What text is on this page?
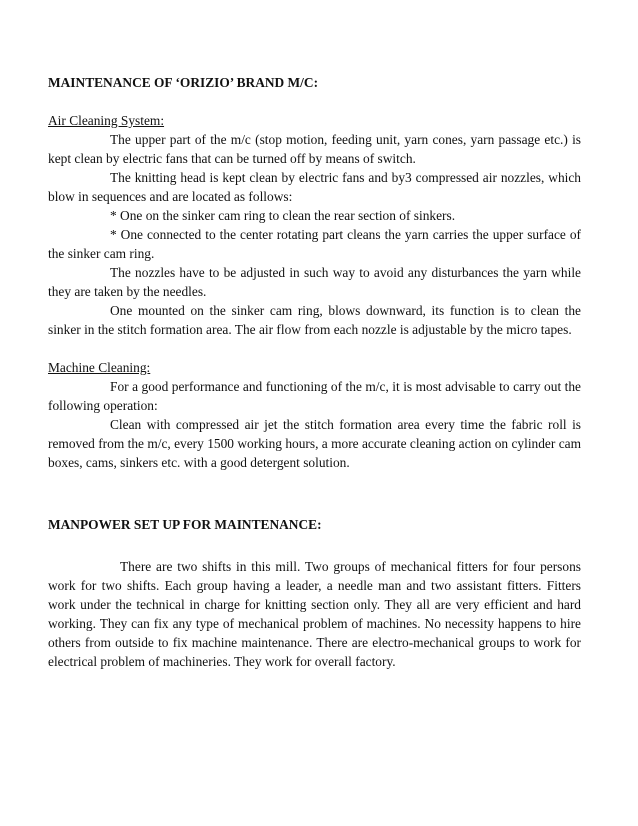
MAINTENANCE OF ‘ORIZIO’ BRAND M/C:
Air Cleaning System:

The upper part of the m/c (stop motion, feeding unit, yarn cones, yarn passage etc.) is kept clean by electric fans that can be turned off by means of switch.

The knitting head is kept clean by electric fans and by3 compressed air nozzles, which blow in sequences and are located as follows:

* One on the sinker cam ring to clean the rear section of sinkers.

* One connected to the center rotating part cleans the yarn carries the upper surface of the sinker cam ring.

The nozzles have to be adjusted in such way to avoid any disturbances the yarn while they are taken by the needles.

One mounted on the sinker cam ring, blows downward, its function is to clean the sinker in the stitch formation area. The air flow from each nozzle is adjustable by the micro tapes.

Machine Cleaning:

For a good performance and functioning of the m/c, it is most advisable to carry out the following operation:

Clean with compressed air jet the stitch formation area every time the fabric roll is removed from the m/c, every 1500 working hours, a more accurate cleaning action on cylinder cam boxes, cams, sinkers etc. with a good detergent solution.

MANPOWER SET UP FOR MAINTENANCE:

There are two shifts in this mill. Two groups of mechanical fitters for four persons work for two shifts. Each group having a leader, a needle man and two assistant fitters. Fitters work under the technical in charge for knitting section only. They all are very efficient and hard working. They can fix any type of mechanical problem of machines. No necessity happens to hire others from outside to fix machine maintenance. There are electro-mechanical groups to work for electrical problem of machineries. They work for overall factory.
